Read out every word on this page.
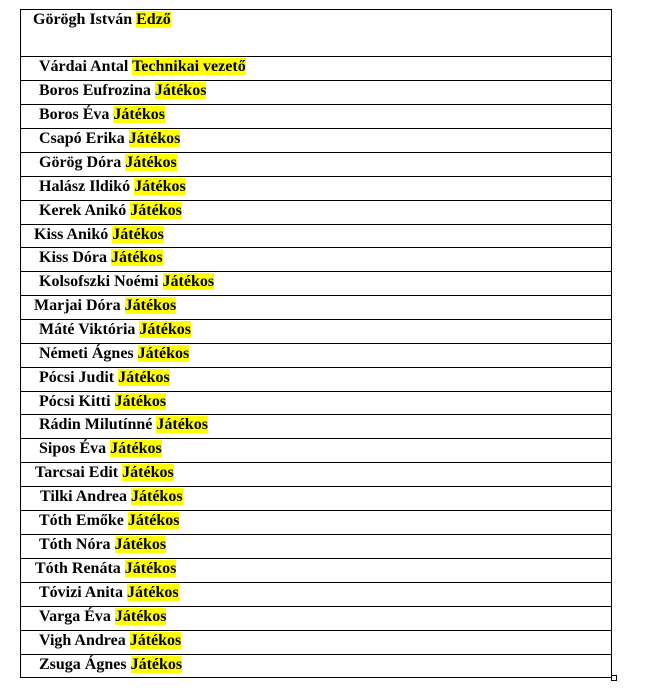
Görögh István Edző
Várdai Antal Technikai vezető
Boros Eufrozina Játékos
Boros Éva Játékos
Csapó Erika Játékos
Görög Dóra Játékos
Halász Ildikó Játékos
Kerek Anikó Játékos
Kiss Anikó Játékos
Kiss Dóra Játékos
Kolsofszki Noémi Játékos
Marjai Dóra Játékos
Máté Viktória Játékos
Németi Ágnes Játékos
Pócsi Judit Játékos
Pócsi Kitti Játékos
Rádin Milutínné Játékos
Sipos Éva Játékos
Tarcsai Edit Játékos
Tilki Andrea Játékos
Tóth Emőke Játékos
Tóth Nóra Játékos
Tóth Renáta Játékos
Tóvizi Anita Játékos
Varga Éva Játékos
Vigh Andrea Játékos
Zsuga Ágnes Játékos
